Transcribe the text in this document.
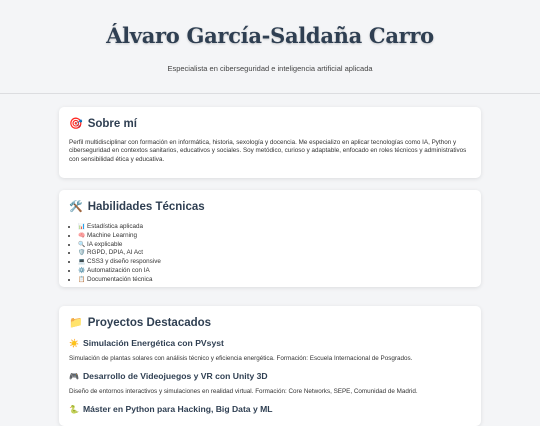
Álvaro García-Saldaña Carro
Especialista en ciberseguridad e inteligencia artificial aplicada
🎯 Sobre mí
Perfil multidisciplinar con formación en informática, historia, sexología y docencia. Me especializo en aplicar tecnologías como IA, Python y ciberseguridad en contextos sanitarios, educativos y sociales. Soy metódico, curioso y adaptable, enfocado en roles técnicos y administrativos con sensibilidad ética y educativa.
🛠️ Habilidades Técnicas
• 📊 Estadística aplicada
• 🧠 Machine Learning
• 🔍 IA explicable
• 🛡️ RGPD, DPIA, AI Act
• 💻 CSS3 y diseño responsive
• ⚙️ Automatización con IA
• 📋 Documentación técnica
📁 Proyectos Destacados
☀️ Simulación Energética con PVsyst
Simulación de plantas solares con análisis técnico y eficiencia energética. Formación: Escuela Internacional de Posgrados.
🎮 Desarrollo de Videojuegos y VR con Unity 3D
Diseño de entornos interactivos y simulaciones en realidad virtual. Formación: Core Networks, SEPE, Comunidad de Madrid.
🐍 Máster en Python para Hacking, Big Data y ML
